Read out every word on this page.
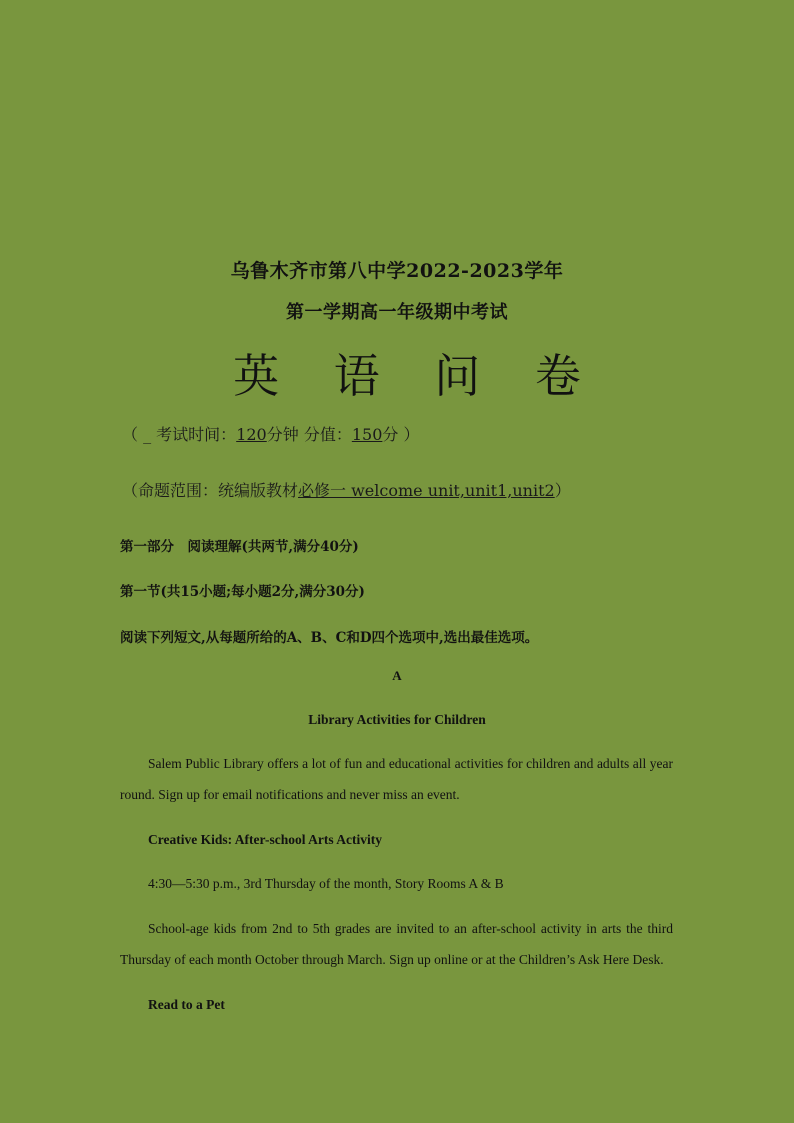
乌鲁木齐市第八中学2022-2023学年
第一学期高一年级期中考试
英 语 问 卷
（ _ 考试时间：120分钟 分值：150分 ）
（命题范围：统编版教材必修一 welcome unit,unit1,unit2）
第一部分　阅读理解(共两节,满分40分)
第一节(共15小题;每小题2分,满分30分)
阅读下列短文,从每题所给的A、B、C和D四个选项中,选出最佳选项。
A
Library Activities for Children
Salem Public Library offers a lot of fun and educational activities for children and adults all year round. Sign up for email notifications and never miss an event.
Creative Kids: After-school Arts Activity
4:30—5:30 p.m., 3rd Thursday of the month, Story Rooms A & B
School-age kids from 2nd to 5th grades are invited to an after-school activity in arts the third Thursday of each month October through March. Sign up online or at the Children’s Ask Here Desk.
Read to a Pet
